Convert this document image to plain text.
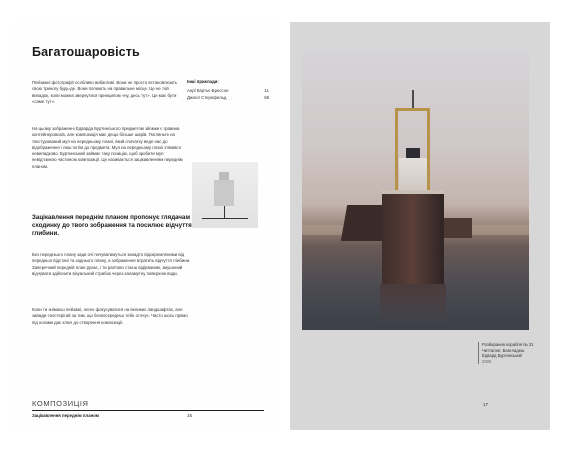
Багатошаровість

Пейзажні фотографії особливо вибагливі. Вони не просто встановлюють свою триногу будь-де. Вони полюють на правильне місце. Це не той випадок, коли можна звернутися принципом «ну, десь тут». Це має бути «саме тут».

На цьому зображенні Едварда Буртинського предметом зйомки є гравина контейнеровозів, але композиція має дещо більше шарів. Погляньте на текстурований мул на передньому плані, який спочатку веде нас до відображення і лиш потім до предмета. Мул на передньому плані з’явився невипадково. Буртинський займає таку позицію, щоб зробити мул невід’ємною частиною композиції. Це називається зацікавленням переднім планом.

Інші приклади:
Анрі Картьє-Брессон	11
Джоел Стернфельд	68
Зацікавлення переднім планом пропонує глядачам сходинку до твого зображення та посилює відчуття глибини.

Без переднього плану зади очі почуватимуться занадто відокремленими від передньої відстані та заднього плану, а зображення втратить відчуття глибини. Заперечний передній план рухає, і ти раптово стаєш відірваним, змушений відчувати здійснити візуальний стрибок через каламутну поверхню води.

Коли ти знімаєш пейзажі, легко фокусуватися на великих ландшафтах, але завжди спостерігай за тим, що безпосередньо тебе оточує. Часто шось прямо під ногами дає ключ до створення композиції.

КОМПОЗИЦІЯ
Зацікавлення переднім планом	16
Розбирання корабля № 31
Читтагонг, Бангладеш
Едвард Буртинський
2000
17
